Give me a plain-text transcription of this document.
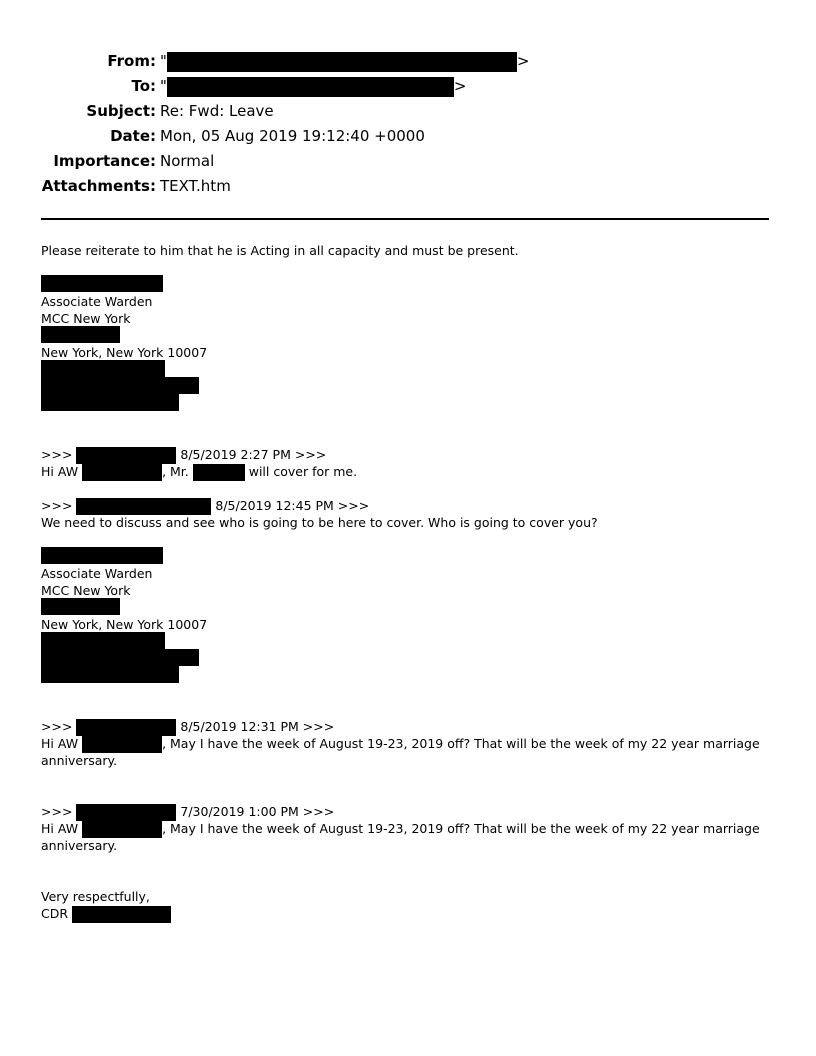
From: "	>
To: "	>
Subject: Re: Fwd: Leave
Date: Mon, 05 Aug 2019 19:12:40 +0000
Importance: Normal
Attachments: TEXT.htm
Please reiterate to him that he is Acting in all capacity and must be present.
Associate Warden
MCC New York
New York, New York 10007
>>>	8/5/2019 2:27 PM >>>
Hi AW	, Mr.	will cover for me.
>>>	8/5/2019 12:45 PM >>>
We need to discuss and see who is going to be here to cover. Who is going to cover you?
Associate Warden
MCC New York
New York, New York 10007
>>>	8/5/2019 12:31 PM >>>
Hi AW	, May I have the week of August 19-23, 2019 off? That will be the week of my 22 year marriage
anniversary.
>>>	7/30/2019 1:00 PM >>>
Hi AW	, May I have the week of August 19-23, 2019 off? That will be the week of my 22 year marriage
anniversary.
Very respectfully,
CDR
